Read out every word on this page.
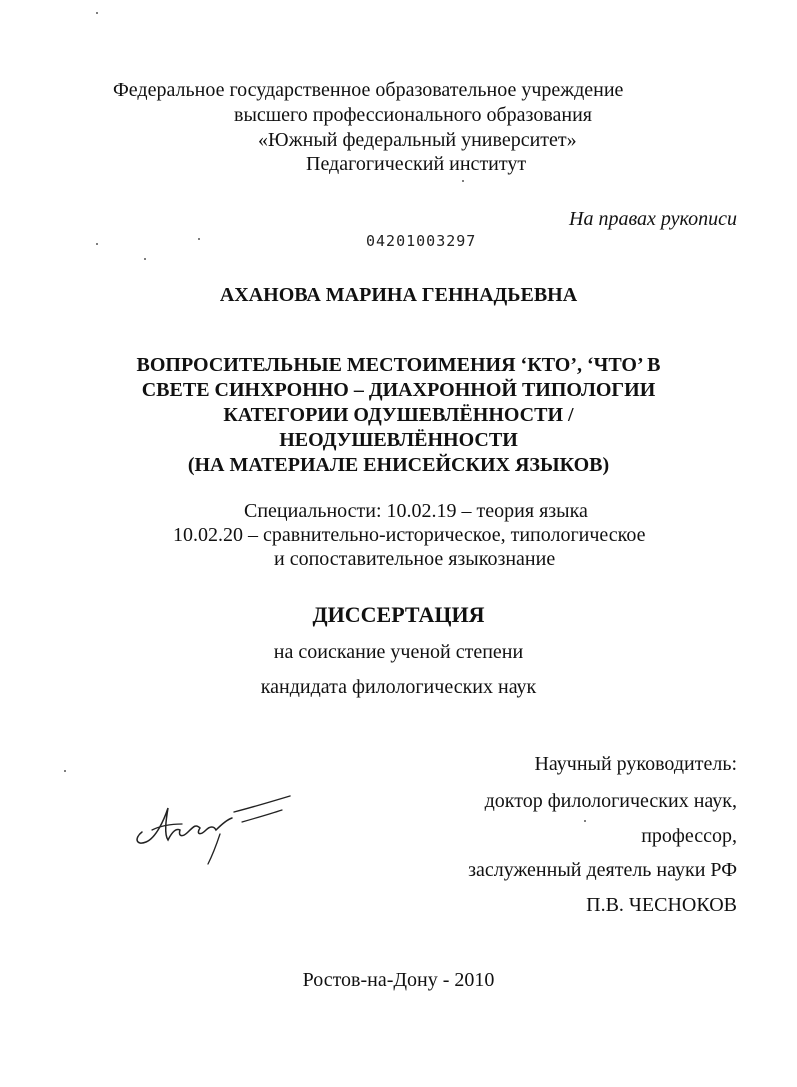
Федеральное государственное образовательное учреждение
высшего профессионального образования
«Южный федеральный университет»
Педагогический институт
На правах рукописи
04201003297
АХАНОВА МАРИНА ГЕННАДЬЕВНА
ВОПРОСИТЕЛЬНЫЕ МЕСТОИМЕНИЯ ‘КТО’, ‘ЧТО’ В
СВЕТЕ СИНХРОННО – ДИАХРОННОЙ ТИПОЛОГИИ
КАТЕГОРИИ ОДУШЕВЛЁННОСТИ /
НЕОДУШЕВЛЁННОСТИ
(НА МАТЕРИАЛЕ ЕНИСЕЙСКИХ ЯЗЫКОВ)
Специальности: 10.02.19 – теория языка
10.02.20 – сравнительно-историческое, типологическое
и сопоставительное языкознание
ДИССЕРТАЦИЯ
на соискание ученой степени
кандидата филологических наук
Научный руководитель:
доктор филологических наук,
профессор,
заслуженный деятель науки РФ
П.В. ЧЕСНОКОВ
Ростов-на-Дону - 2010
